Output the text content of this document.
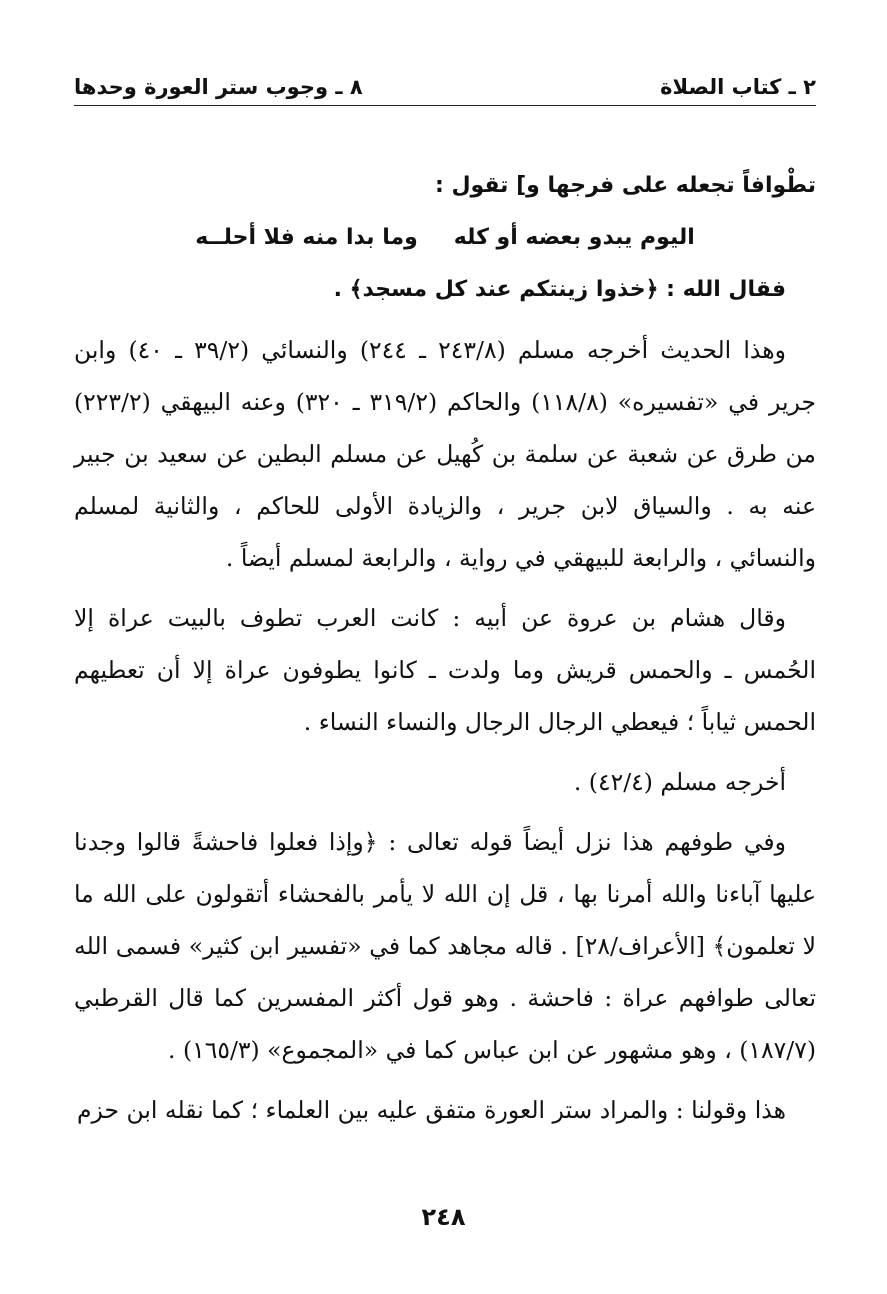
٢ ـ كتاب الصلاة
٨ ـ وجوب ستر العورة وحدها

تطْوافاً تجعله على فرجها و] تقول :

اليوم يبدو بعضه أو كله
وما بدا منه فلا أحلــه

فقال الله : ﴿خذوا زينتكم عند كل مسجد﴾ .

وهذا الحديث أخرجه مسلم (٢٤٣/٨ ـ ٢٤٤) والنسائي (٣٩/٢ ـ ٤٠) وابن جرير في «تفسيره» (١١٨/٨) والحاكم (٣١٩/٢ ـ ٣٢٠) وعنه البيهقي (٢٢٣/٢) من طرق عن شعبة عن سلمة بن كُهيل عن مسلم البطين عن سعيد بن جبير عنه به . والسياق لابن جرير ، والزيادة الأولى للحاكم ، والثانية لمسلم والنسائي ، والرابعة للبيهقي في رواية ، والرابعة لمسلم أيضاً .

وقال هشام بن عروة عن أبيه : كانت العرب تطوف بالبيت عراة إلا الحُمس ـ والحمس قريش وما ولدت ـ كانوا يطوفون عراة إلا أن تعطيهم الحمس ثياباً ؛ فيعطي الرجال الرجال والنساء النساء .

أخرجه مسلم (٤٢/٤) .

وفي طوفهم هذا نزل أيضاً قوله تعالى : ﴿وإذا فعلوا فاحشةً قالوا وجدنا عليها آباءنا والله أمرنا بها ، قل إن الله لا يأمر بالفحشاء أتقولون على الله ما لا تعلمون﴾ [الأعراف/٢٨] . قاله مجاهد كما في «تفسير ابن كثير» فسمى الله تعالى طوافهم عراة : فاحشة . وهو قول أكثر المفسرين كما قال القرطبي (١٨٧/٧) ، وهو مشهور عن ابن عباس كما في «المجموع» (١٦٥/٣) .

هذا وقولنا : والمراد ستر العورة متفق عليه بين العلماء ؛ كما نقله ابن حزم

٢٤٨
